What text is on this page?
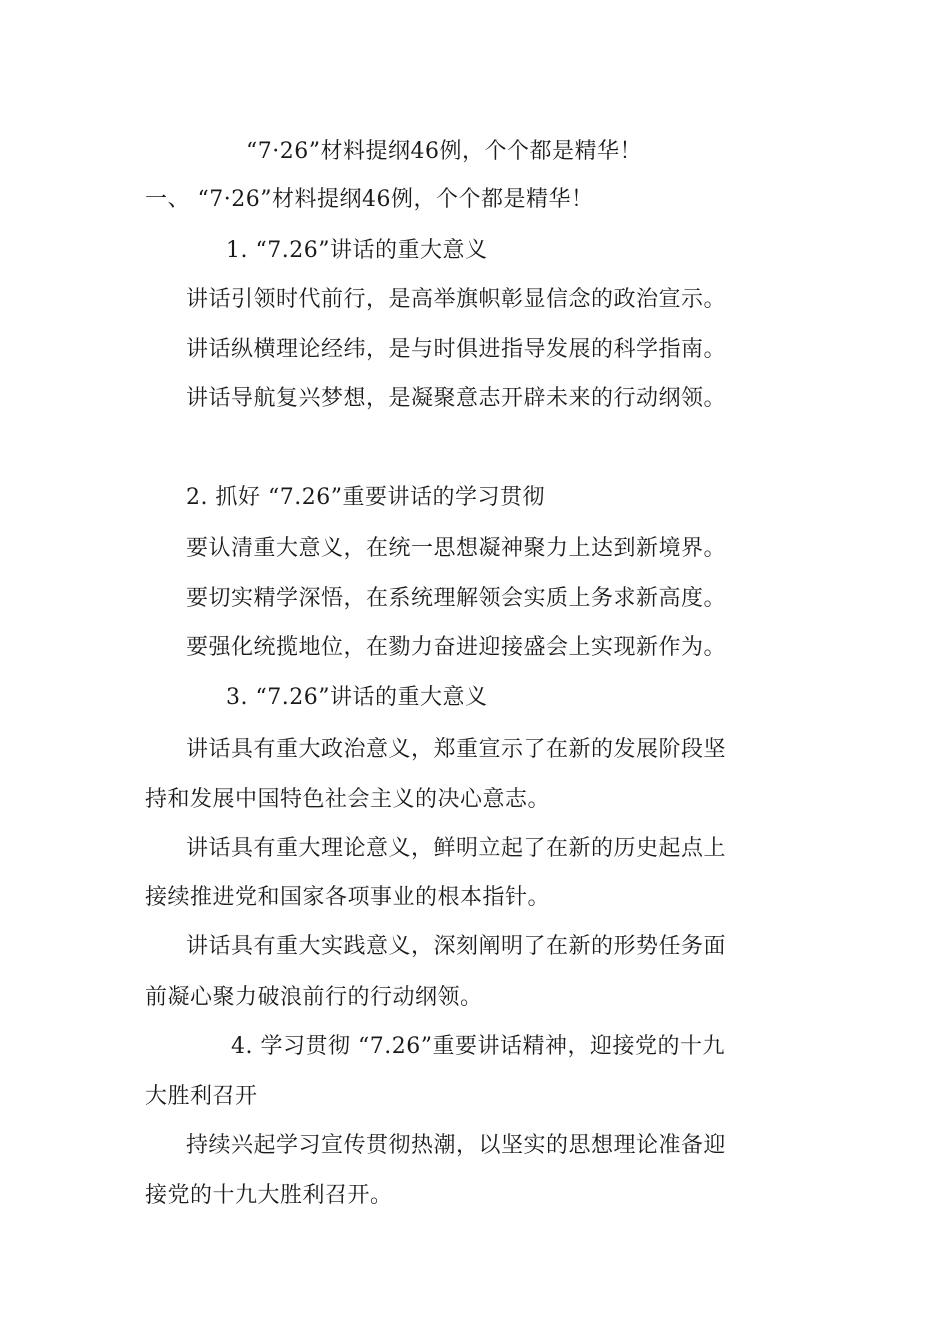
“7·26”材料提纲46例，个个都是精华！
一、 “7·26”材料提纲46例，个个都是精华！
1. “7.26”讲话的重大意义
讲话引领时代前行，是高举旗帜彰显信念的政治宣示。
讲话纵横理论经纬，是与时俱进指导发展的科学指南。
讲话导航复兴梦想，是凝聚意志开辟未来的行动纲领。
2. 抓好 “7.26”重要讲话的学习贯彻
要认清重大意义，在统一思想凝神聚力上达到新境界。
要切实精学深悟，在系统理解领会实质上务求新高度。
要强化统揽地位，在勠力奋进迎接盛会上实现新作为。
3. “7.26”讲话的重大意义
讲话具有重大政治意义，郑重宣示了在新的发展阶段坚
持和发展中国特色社会主义的决心意志。
讲话具有重大理论意义，鲜明立起了在新的历史起点上
接续推进党和国家各项事业的根本指针。
讲话具有重大实践意义，深刻阐明了在新的形势任务面
前凝心聚力破浪前行的行动纲领。
4. 学习贯彻 “7.26”重要讲话精神，迎接党的十九
大胜利召开
持续兴起学习宣传贯彻热潮，以坚实的思想理论准备迎
接党的十九大胜利召开。
